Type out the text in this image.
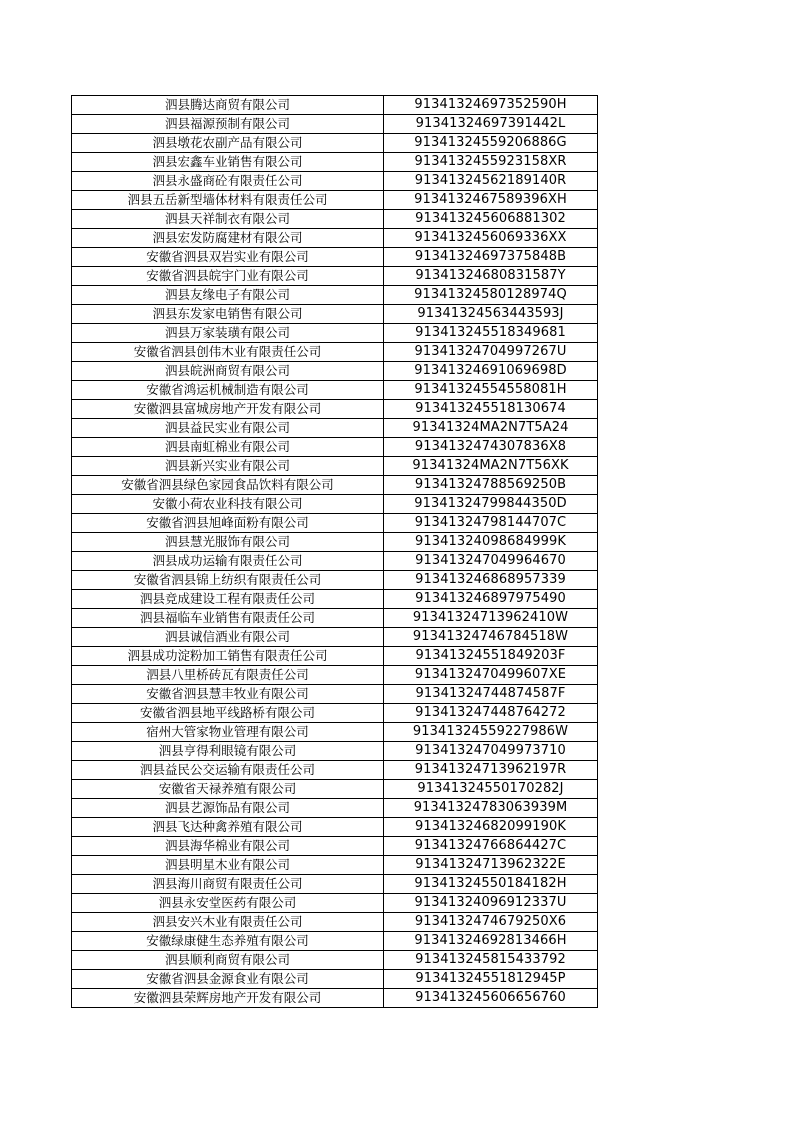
泗县腾达商贸有限公司	91341324697352590H
泗县福源预制有限公司	91341324697391442L
泗县墩花农副产品有限公司	91341324559206886G
泗县宏鑫车业销售有限公司	9134132455923158XR
泗县永盛商砼有限责任公司	91341324562189140R
泗县五岳新型墙体材料有限责任公司	9134132467589396XH
泗县天祥制衣有限公司	913413245606881302
泗县宏发防腐建材有限公司	9134132456069336XX
安徽省泗县双岩实业有限公司	91341324697375848B
安徽省泗县皖宇门业有限公司	91341324680831587Y
泗县友缘电子有限公司	91341324580128974Q
泗县东发家电销售有限公司	91341324563443593J
泗县万家装璜有限公司	913413245518349681
安徽省泗县创伟木业有限责任公司	91341324704997267U
泗县皖洲商贸有限公司	91341324691069698D
安徽省鸿运机械制造有限公司	91341324554558081H
安徽泗县富城房地产开发有限公司	913413245518130674
泗县益民实业有限公司	91341324MA2N7T5A24
泗县南虹棉业有限公司	9134132474307836X8
泗县新兴实业有限公司	91341324MA2N7T56XK
安徽省泗县绿色家园食品饮料有限公司	91341324788569250B
安徽小荷农业科技有限公司	91341324799844350D
安徽省泗县旭峰面粉有限公司	91341324798144707C
泗县慧光服饰有限公司	91341324098684999K
泗县成功运输有限责任公司	913413247049964670
安徽省泗县锦上纺织有限责任公司	913413246868957339
泗县竞成建设工程有限责任公司	913413246897975490
泗县福临车业销售有限责任公司	91341324713962410W
泗县诚信酒业有限公司	91341324746784518W
泗县成功淀粉加工销售有限责任公司	91341324551849203F
泗县八里桥砖瓦有限责任公司	9134132470499607XE
安徽省泗县慧丰牧业有限公司	91341324744874587F
安徽省泗县地平线路桥有限公司	913413247448764272
宿州大管家物业管理有限公司	91341324559227986W
泗县亨得利眼镜有限公司	913413247049973710
泗县益民公交运输有限责任公司	91341324713962197R
安徽省天禄养殖有限公司	91341324550170282J
泗县艺源饰品有限公司	91341324783063939M
泗县飞达种禽养殖有限公司	91341324682099190K
泗县海华棉业有限公司	91341324766864427C
泗县明星木业有限公司	91341324713962322E
泗县海川商贸有限责任公司	91341324550184182H
泗县永安堂医药有限公司	91341324096912337U
泗县安兴木业有限责任公司	9134132474679250X6
安徽绿康健生态养殖有限公司	91341324692813466H
泗县顺利商贸有限公司	913413245815433792
安徽省泗县金源食业有限公司	91341324551812945P
安徽泗县荣辉房地产开发有限公司	913413245606656760
